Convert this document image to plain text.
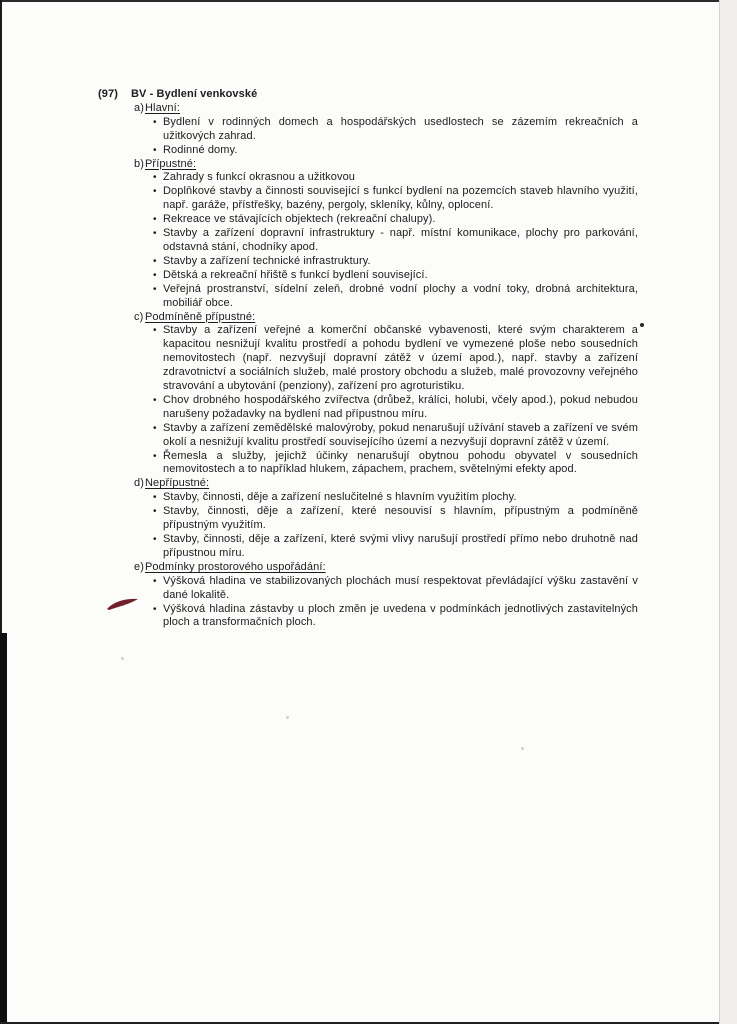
(97)	BV - Bydlení venkovské
a) Hlavní:
• Bydlení v rodinných domech a hospodářských usedlostech se zázemím rekreačních a užitkových zahrad.
• Rodinné domy.
b) Přípustné:
• Zahrady s funkcí okrasnou a užitkovou
• Doplňkové stavby a činnosti související s funkcí bydlení na pozemcích staveb hlavního využití, např. garáže, přístřešky, bazény, pergoly, skleníky, kůlny, oplocení.
• Rekreace ve stávajících objektech (rekreační chalupy).
• Stavby a zařízení dopravní infrastruktury - např. místní komunikace, plochy pro parkování, odstavná stání, chodníky apod.
• Stavby a zařízení technické infrastruktury.
• Dětská a rekreační hřiště s funkcí bydlení související.
• Veřejná prostranství, sídelní zeleň, drobné vodní plochy a vodní toky, drobná architektura, mobiliář obce.
c) Podmíněně přípustné:
• Stavby a zařízení veřejné a komerční občanské vybavenosti, které svým charakterem a kapacitou nesnižují kvalitu prostředí a pohodu bydlení ve vymezené ploše nebo sousedních nemovitostech (např. nezvyšují dopravní zátěž v území apod.), např. stavby a zařízení zdravotnictví a sociálních služeb, malé prostory obchodu a služeb, malé provozovny veřejného stravování a ubytování (penziony), zařízení pro agroturistiku.
• Chov drobného hospodářského zvířectva (drůbež, králíci, holubi, včely apod.), pokud nebudou narušeny požadavky na bydlení nad přípustnou míru.
• Stavby a zařízení zemědělské malovýroby, pokud nenarušují užívání staveb a zařízení ve svém okolí a nesnižují kvalitu prostředí souvisejícího území a nezvyšují dopravní zátěž v území.
• Řemesla a služby, jejichž účinky nenarušují obytnou pohodu obyvatel v sousedních nemovitostech a to například hlukem, zápachem, prachem, světelnými efekty apod.
d) Nepřípustné:
• Stavby, činnosti, děje a zařízení neslučitelné s hlavním využitím plochy.
• Stavby, činnosti, děje a zařízení, které nesouvisí s hlavním, přípustným a podmíněně přípustným využitím.
• Stavby, činnosti, děje a zařízení, které svými vlivy narušují prostředí přímo nebo druhotně nad přípustnou míru.
e) Podmínky prostorového uspořádání:
• Výšková hladina ve stabilizovaných plochách musí respektovat převládající výšku zastavění v dané lokalitě.
• Výšková hladina zástavby u ploch změn je uvedena v podmínkách jednotlivých zastavitelných ploch a transformačních ploch.
